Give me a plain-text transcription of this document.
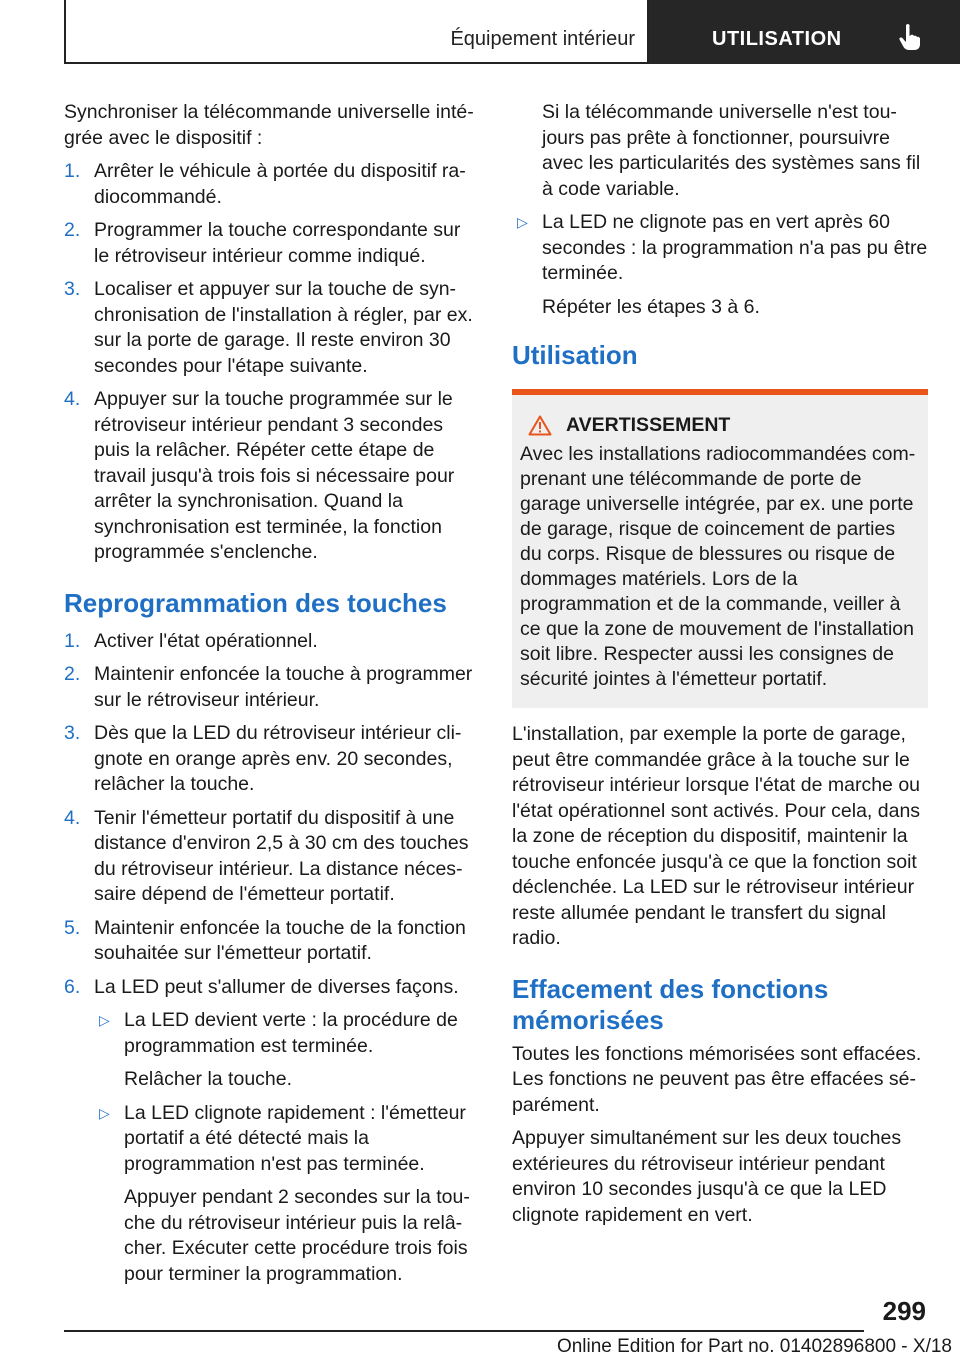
Équipement intérieur	UTILISATION

Synchroniser la télécommande universelle intégrée avec le dispositif :

1. Arrêter le véhicule à portée du dispositif radiocommandé.
2. Programmer la touche correspondante sur le rétroviseur intérieur comme indiqué.
3. Localiser et appuyer sur la touche de synchronisation de l'installation à régler, par ex. sur la porte de garage. Il reste environ 30 secondes pour l'étape suivante.
4. Appuyer sur la touche programmée sur le rétroviseur intérieur pendant 3 secondes puis la relâcher. Répéter cette étape de travail jusqu'à trois fois si nécessaire pour arrêter la synchronisation. Quand la synchronisation est terminée, la fonction programmée s'enclenche.
Reprogrammation des touches
1. Activer l'état opérationnel.
2. Maintenir enfoncée la touche à programmer sur le rétroviseur intérieur.
3. Dès que la LED du rétroviseur intérieur clignote en orange après env. 20 secondes, relâcher la touche.
4. Tenir l'émetteur portatif du dispositif à une distance d'environ 2,5 à 30 cm des touches du rétroviseur intérieur. La distance nécessaire dépend de l'émetteur portatif.
5. Maintenir enfoncée la touche de la fonction souhaitée sur l'émetteur portatif.
6. La LED peut s'allumer de diverses façons.
▷ La LED devient verte : la procédure de programmation est terminée.
Relâcher la touche.
▷ La LED clignote rapidement : l'émetteur portatif a été détecté mais la programmation n'est pas terminée.
Appuyer pendant 2 secondes sur la touche du rétroviseur intérieur puis la relâcher. Exécuter cette procédure trois fois pour terminer la programmation.
Si la télécommande universelle n'est toujours pas prête à fonctionner, poursuivre avec les particularités des systèmes sans fil à code variable.
▷ La LED ne clignote pas en vert après 60 secondes : la programmation n'a pas pu être terminée.
Répéter les étapes 3 à 6.
Utilisation
AVERTISSEMENT
Avec les installations radiocommandées comprenant une télécommande de porte de garage universelle intégrée, par ex. une porte de garage, risque de coincement de parties du corps. Risque de blessures ou risque de dommages matériels. Lors de la programmation et de la commande, veiller à ce que la zone de mouvement de l'installation soit libre. Respecter aussi les consignes de sécurité jointes à l'émetteur portatif.

L'installation, par exemple la porte de garage, peut être commandée grâce à la touche sur le rétroviseur intérieur lorsque l'état de marche ou l'état opérationnel sont activés. Pour cela, dans la zone de réception du dispositif, maintenir la touche enfoncée jusqu'à ce que la fonction soit déclenchée. La LED sur le rétroviseur intérieur reste allumée pendant le transfert du signal radio.

Effacement des fonctions mémorisées

Toutes les fonctions mémorisées sont effacées. Les fonctions ne peuvent pas être effacées séparément.

Appuyer simultanément sur les deux touches extérieures du rétroviseur intérieur pendant environ 10 secondes jusqu'à ce que la LED clignote rapidement en vert.

299
Online Edition for Part no. 01402896800 - X/18
